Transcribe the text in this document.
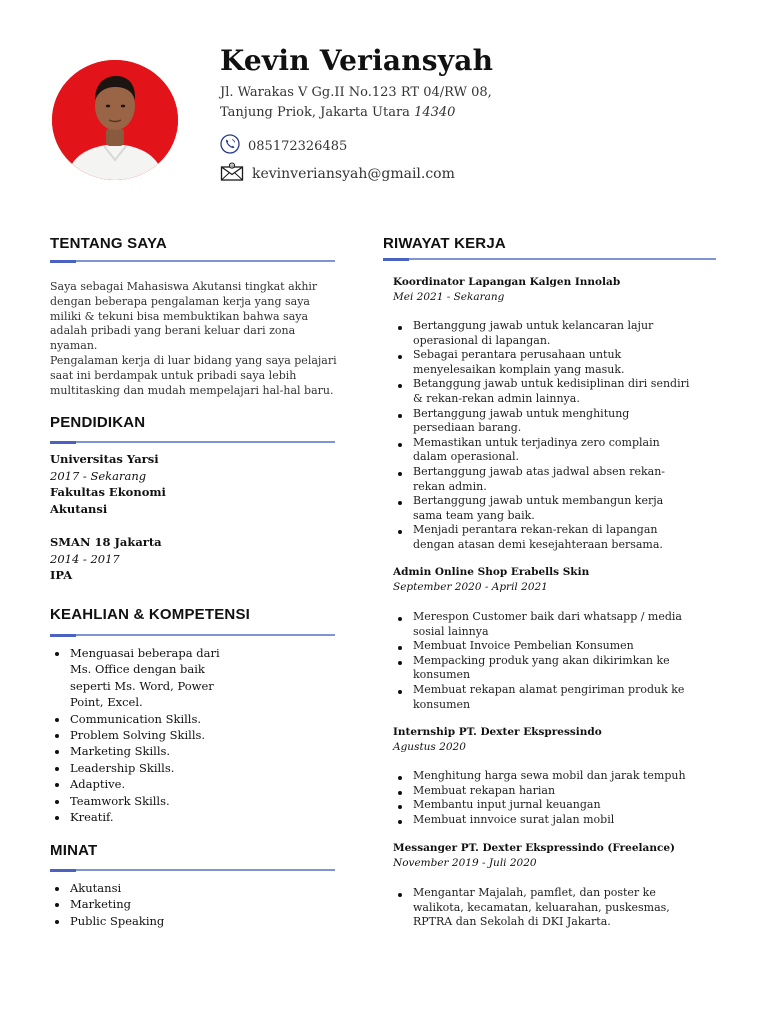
Kevin Veriansyah
Jl. Warakas V Gg.II No.123 RT 04/RW 08,
Tanjung Priok, Jakarta Utara 14340
085172326485
@ kevinveriansyah@gmail.com
TENTANG SAYA
Saya sebagai Mahasiswa Akutansi tingkat akhir dengan beberapa pengalaman kerja yang saya miliki & tekuni bisa membuktikan bahwa saya adalah pribadi yang berani keluar dari zona nyaman.
Pengalaman kerja di luar bidang yang saya pelajari saat ini berdampak untuk pribadi saya lebih multitasking dan mudah mempelajari hal-hal baru.
PENDIDIKAN
Universitas Yarsi
2017 - Sekarang
Fakultas Ekonomi
Akutansi
SMAN 18 Jakarta
2014 - 2017
IPA
KEAHLIAN & KOMPETENSI
Menguasai beberapa dari Ms. Office dengan baik seperti Ms. Word, Power Point, Excel.
Communication Skills.
Problem Solving Skills.
Marketing Skills.
Leadership Skills.
Adaptive.
Teamwork Skills.
Kreatif.
MINAT
Akutansi
Marketing
Public Speaking
RIWAYAT KERJA
Koordinator Lapangan Kalgen Innolab
Mei 2021 - Sekarang
Bertanggung jawab untuk kelancaran lajur operasional di lapangan.
Sebagai perantara perusahaan untuk menyelesaikan komplain yang masuk.
Betanggung jawab untuk kedisiplinan diri sendiri & rekan-rekan admin lainnya.
Bertanggung jawab untuk menghitung persediaan barang.
Memastikan untuk terjadinya zero complain dalam operasional.
Bertanggung jawab atas jadwal absen rekan-rekan admin.
Bertanggung jawab untuk membangun kerja sama team yang baik.
Menjadi perantara rekan-rekan di lapangan dengan atasan demi kesejahteraan bersama.
Admin Online Shop Erabells Skin
September 2020 - April 2021
Merespon Customer baik dari whatsapp / media sosial lainnya
Membuat Invoice Pembelian Konsumen
Mempacking produk yang akan dikirimkan ke konsumen
Membuat rekapan alamat pengiriman produk ke konsumen
Internship PT. Dexter Ekspressindo
Agustus 2020
Menghitung harga sewa mobil dan jarak tempuh
Membuat rekapan harian
Membantu input jurnal keuangan
Membuat innvoice surat jalan mobil
Messanger PT. Dexter Ekspressindo (Freelance)
November 2019 - Juli 2020
Mengantar Majalah, pamflet, dan poster ke walikota, kecamatan, keluarahan, puskesmas, RPTRA dan Sekolah di DKI Jakarta.
